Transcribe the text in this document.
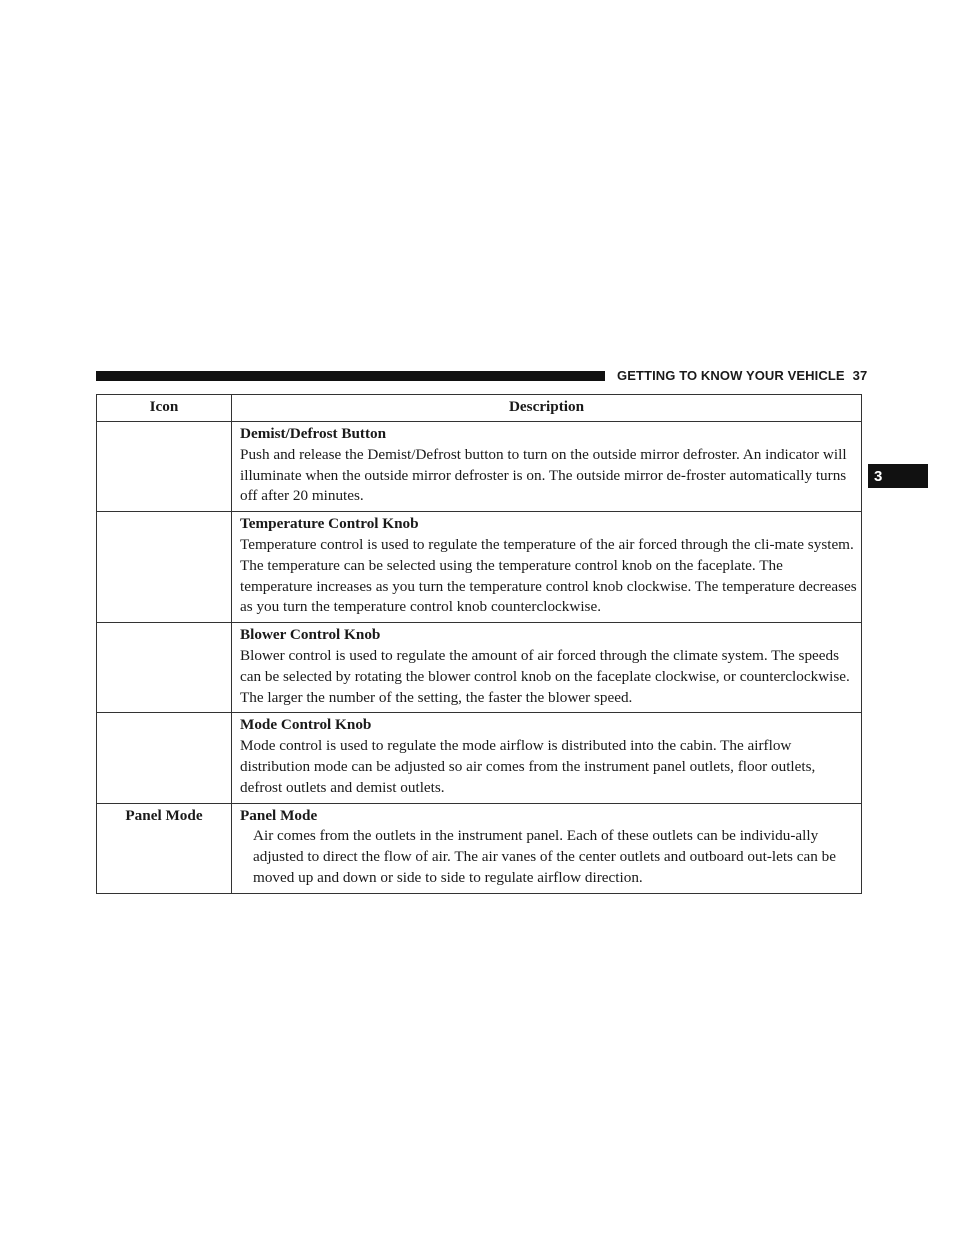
GETTING TO KNOW YOUR VEHICLE 37
3
Icon	Description

	Demist/Defrost Button
Push and release the Demist/Defrost button to turn on the outside mirror defroster. An indicator will illuminate when the outside mirror defroster is on. The outside mirror de-froster automatically turns off after 20 minutes.

	Temperature Control Knob
Temperature control is used to regulate the temperature of the air forced through the cli-mate system. The temperature can be selected using the temperature control knob on the faceplate. The temperature increases as you turn the temperature control knob clockwise. The temperature decreases as you turn the temperature control knob counterclockwise.

	Blower Control Knob
Blower control is used to regulate the amount of air forced through the climate system. The speeds can be selected by rotating the blower control knob on the faceplate clockwise, or counterclockwise. The larger the number of the setting, the faster the blower speed.

	Mode Control Knob
Mode control is used to regulate the mode airflow is distributed into the cabin. The airflow distribution mode can be adjusted so air comes from the instrument panel outlets, floor outlets, defrost outlets and demist outlets.

Panel Mode	Panel Mode
Air comes from the outlets in the instrument panel. Each of these outlets can be individu-ally adjusted to direct the flow of air. The air vanes of the center outlets and outboard out-lets can be moved up and down or side to side to regulate airflow direction.
